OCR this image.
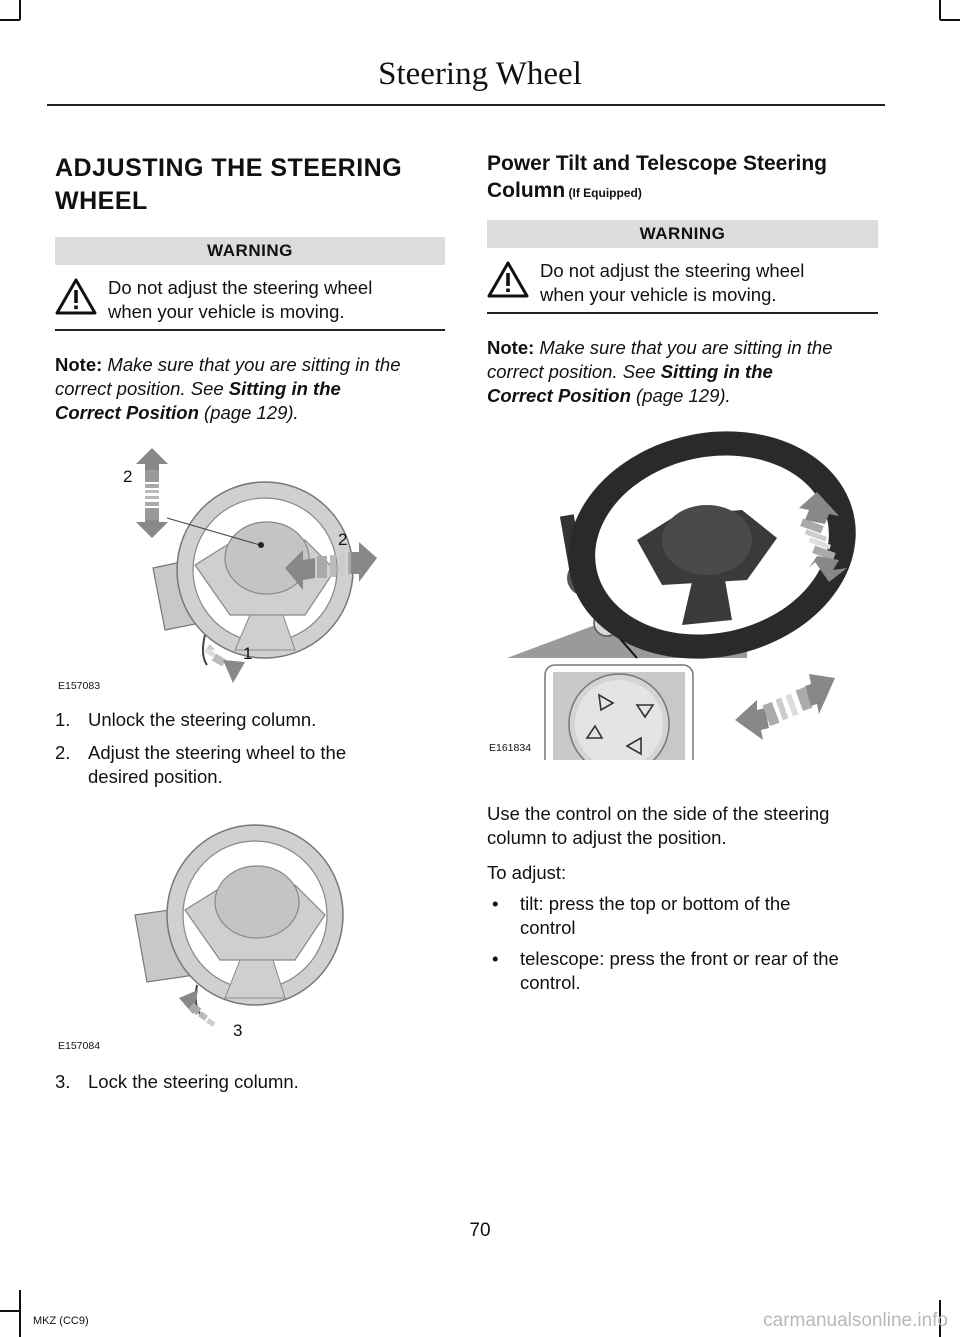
Steering Wheel
ADJUSTING THE STEERING
WHEEL
WARNING
Do not adjust the steering wheel
when your vehicle is moving.
Note: Make sure that you are sitting in the
correct position. See Sitting in the
Correct Position (page 129).
2
2
1
E157083
1. Unlock the steering column.
2. Adjust the steering wheel to the
desired position.
3
E157084
3. Lock the steering column.
Power Tilt and Telescope Steering
Column (If Equipped)
WARNING
Do not adjust the steering wheel
when your vehicle is moving.
Note: Make sure that you are sitting in the
correct position. See Sitting in the
Correct Position (page 129).
E161834
Use the control on the side of the steering
column to adjust the position.
To adjust:
• tilt: press the top or bottom of the
control
• telescope: press the front or rear of the
control.
70
MKZ (CC9)	carmanualsonline.info
